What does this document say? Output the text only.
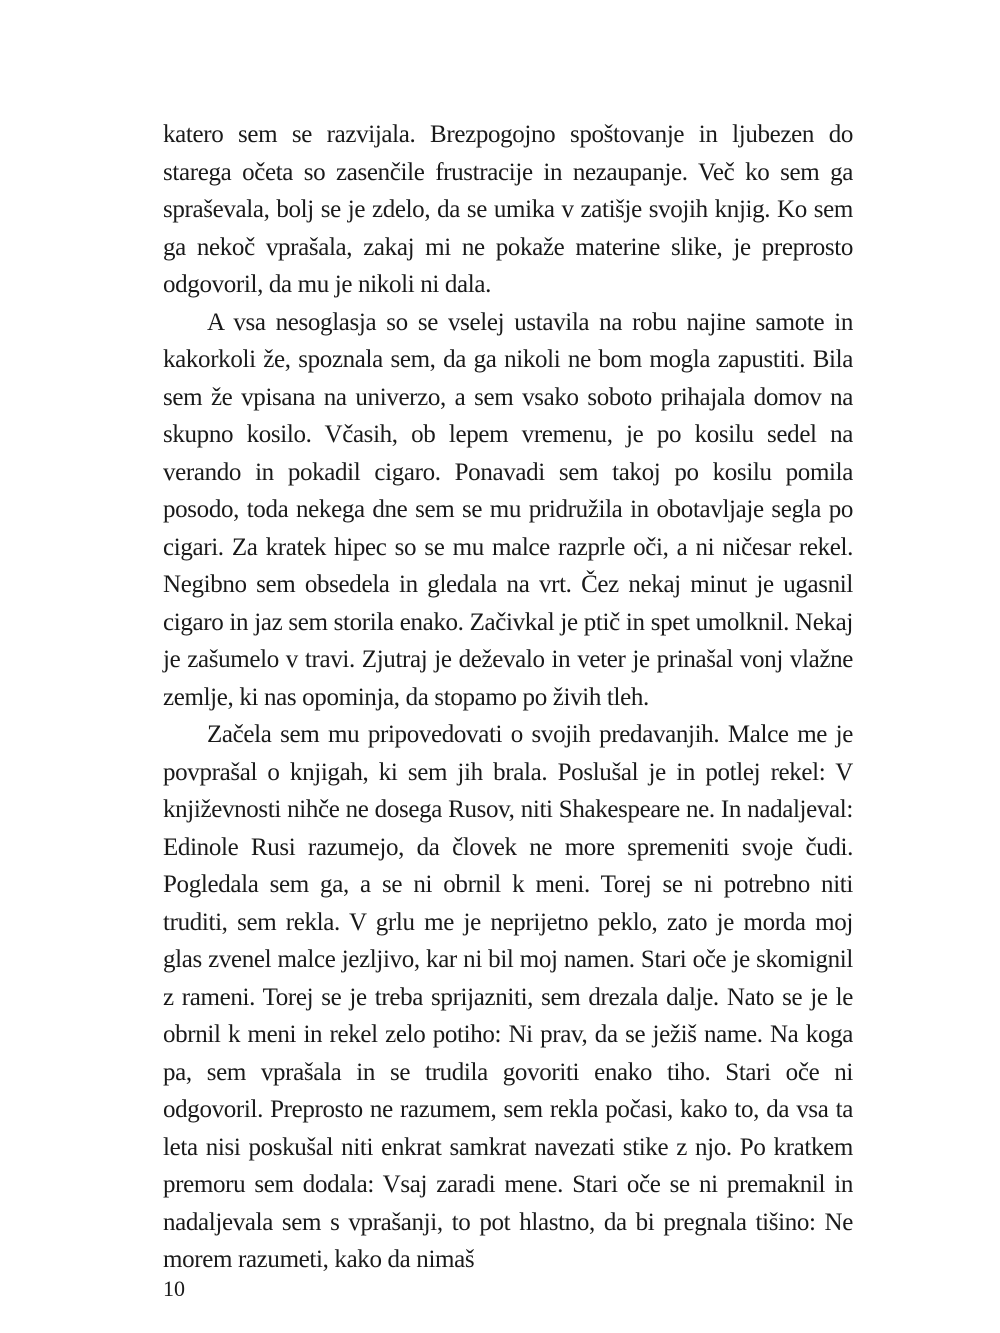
katero sem se razvijala. Brezpogojno spoštovanje in ljubezen do starega očeta so zasenčile frustracije in nezaupanje. Več ko sem ga spraševala, bolj se je zdelo, da se umika v zatišje svojih knjig. Ko sem ga nekoč vprašala, zakaj mi ne pokaže materine slike, je preprosto odgovoril, da mu je nikoli ni dala.

A vsa nesoglasja so se vselej ustavila na robu najine samote in kakorkoli že, spoznala sem, da ga nikoli ne bom mogla zapustiti. Bila sem že vpisana na univerzo, a sem vsako soboto prihajala domov na skupno kosilo. Včasih, ob lepem vremenu, je po kosilu sedel na verando in pokadil cigaro. Ponavadi sem takoj po kosilu pomila posodo, toda nekega dne sem se mu pridružila in obotavljaje segla po cigari. Za kratek hipec so se mu malce razprle oči, a ni ničesar rekel. Negibno sem obsedela in gledala na vrt. Čez nekaj minut je ugasnil cigaro in jaz sem storila enako. Začivkal je ptič in spet umolknil. Nekaj je zašumelo v travi. Zjutraj je deževalo in veter je prinašal vonj vlažne zemlje, ki nas opominja, da stopamo po živih tleh.

Začela sem mu pripovedovati o svojih predavanjih. Malce me je povprašal o knjigah, ki sem jih brala. Poslušal je in potlej rekel: V književnosti nihče ne dosega Rusov, niti Shakespeare ne. In nadaljeval: Edinole Rusi razumejo, da človek ne more spremeniti svoje čudi. Pogledala sem ga, a se ni obrnil k meni. Torej se ni potrebno niti truditi, sem rekla. V grlu me je neprijetno peklo, zato je morda moj glas zvenel malce jezljivo, kar ni bil moj namen. Stari oče je skomignil z rameni. Torej se je treba sprijazniti, sem drezala dalje. Nato se je le obrnil k meni in rekel zelo potiho: Ni prav, da se ježiš name. Na koga pa, sem vprašala in se trudila govoriti enako tiho. Stari oče ni odgovoril. Preprosto ne razumem, sem rekla počasi, kako to, da vsa ta leta nisi poskušal niti enkrat samkrat navezati stike z njo. Po kratkem premoru sem dodala: Vsaj zaradi mene. Stari oče se ni premaknil in nadaljevala sem s vprašanji, to pot hlastno, da bi pregnala tišino: Ne morem razumeti, kako da nimaš

10
